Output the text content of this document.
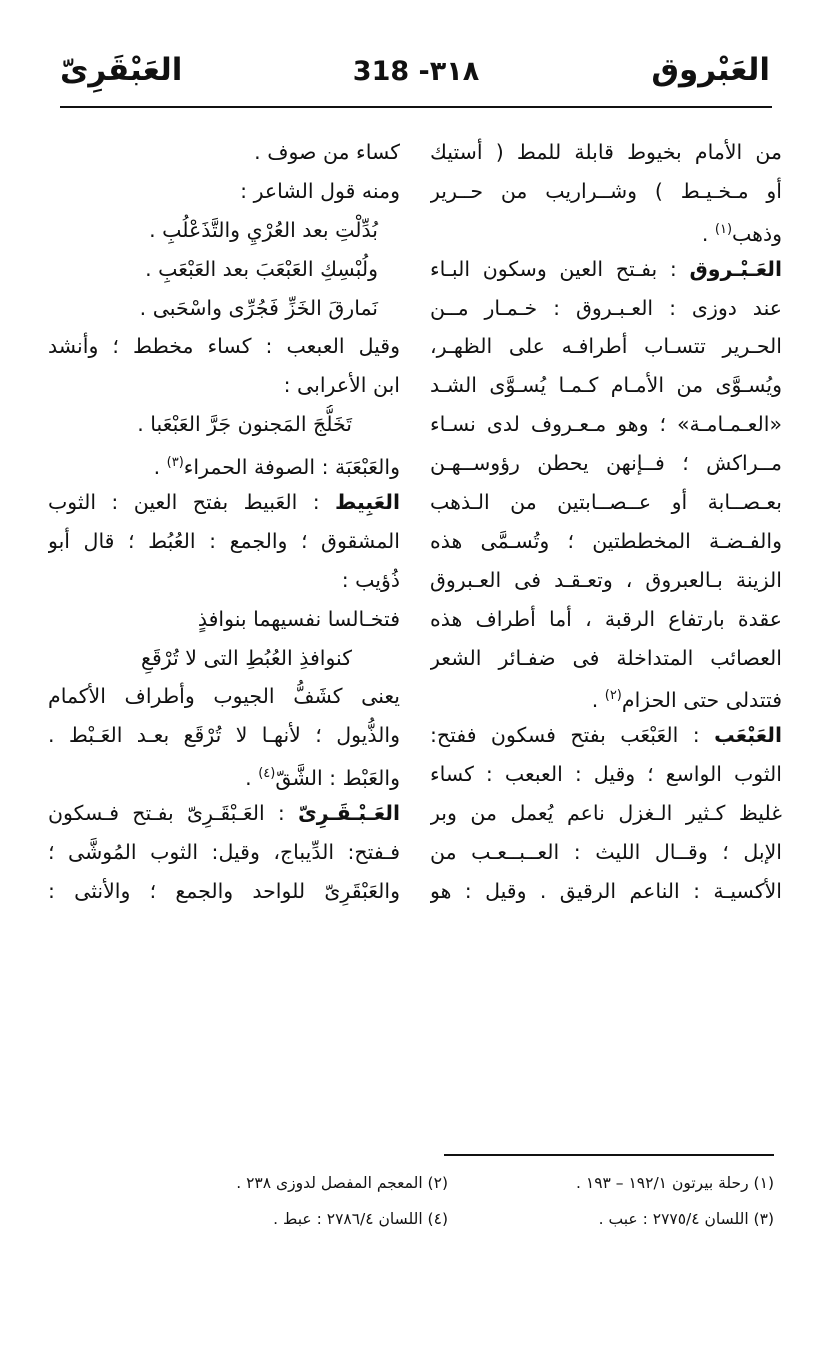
العَبْروق
318 -٣١٨
العَبْقَرِىّ
من الأمام بخيوط قابلة للمط ( أستيك
أو مـخـيـط ) وشــراريب من حــرير
وذهب$^{(١)}$ .
العَـبْـروق : بفـتح العين وسكون البـاء
عند دوزى : العـبـروق : خـمـار مــن
الحـرير تتسـاب أطرافـه على الظهـر،
ويُسـوَّى من الأمـام كـمـا يُسـوَّى الشـد
«العـمـامـة» ؛ وهو مـعـروف لدى نسـاء
مــراكش ؛ فــإنهن يحطن رؤوســهـن
بعـصــابة أو عــصــابتين من الـذهب
والفـضـة المخططتين ؛ وتُسـمَّى هذه
الزينة بـالعبروق ، وتعـقـد فى العـبروق
عقدة بارتفاع الرقبة ، أما أطراف هذه
العصائب المتداخلة فى ضفـائر الشعر
فتتدلى حتى الحزام$^{(٢)}$ .
العَبْعَب : العَبْعَب بفتح فسكون ففتح:
الثوب الواسع ؛ وقيل : العبعب : كساء
غليظ كـثير الـغزل ناعم يُعمل من وبر
الإبل ؛ وقــال الليث : العــبــعـب من
الأكسيـة : الناعم الرقيق . وقيل : هو
كساء من صوف .
ومنه قول الشاعر :
بُدِّلْتِ بعد العُرْيِ والتَّذَعْلُبِ .
ولُبْسِكِ العَبْعَبَ بعد العَبْعَبِ .
نَمارقَ الخَزِّ فَجُرِّى واسْحَبى .
وقيل العبعب : كساء مخطط ؛ وأنشد
ابن الأعرابى :
تَخَلُّجَ المَجنون جَرَّ العَبْعَبا .
والعَبْعَبَة : الصوفة الحمراء$^{(٣)}$ .
العَبِيط : العَبيط بفتح العين : الثوب
المشقوق ؛ والجمع : العُبُط ؛ قال أبو
ذُؤيب :
فتخـالسا نفسيهما بنوافذٍ
كنوافذِ العُبُطِ التى لا تُرْقَعِ
يعنى كشَفُّ الجيوب وأطراف الأكمام
والذُّيول ؛ لأنهـا لا تُرْقَع بعـد العَـبْط .
والعَبْط : الشَّقّ$^{(٤)}$ .
العَـبْـقَـرِىّ : العَـبْقَـرِىّ بفـتح فـسكون
فـفتح: الدِّيباج، وقيل: الثوب المُوشَّى ؛
والعَبْقَرِىّ للواحد والجمع ؛ والأنثى :
(١) رحلة بيرتون ١٩٢/١ – ١٩٣ .
(٢) المعجم المفصل لدوزى ٢٣٨ .
(٣) اللسان ٢٧٧٥/٤ : عبب .
(٤) اللسان ٢٧٨٦/٤ : عبط .
